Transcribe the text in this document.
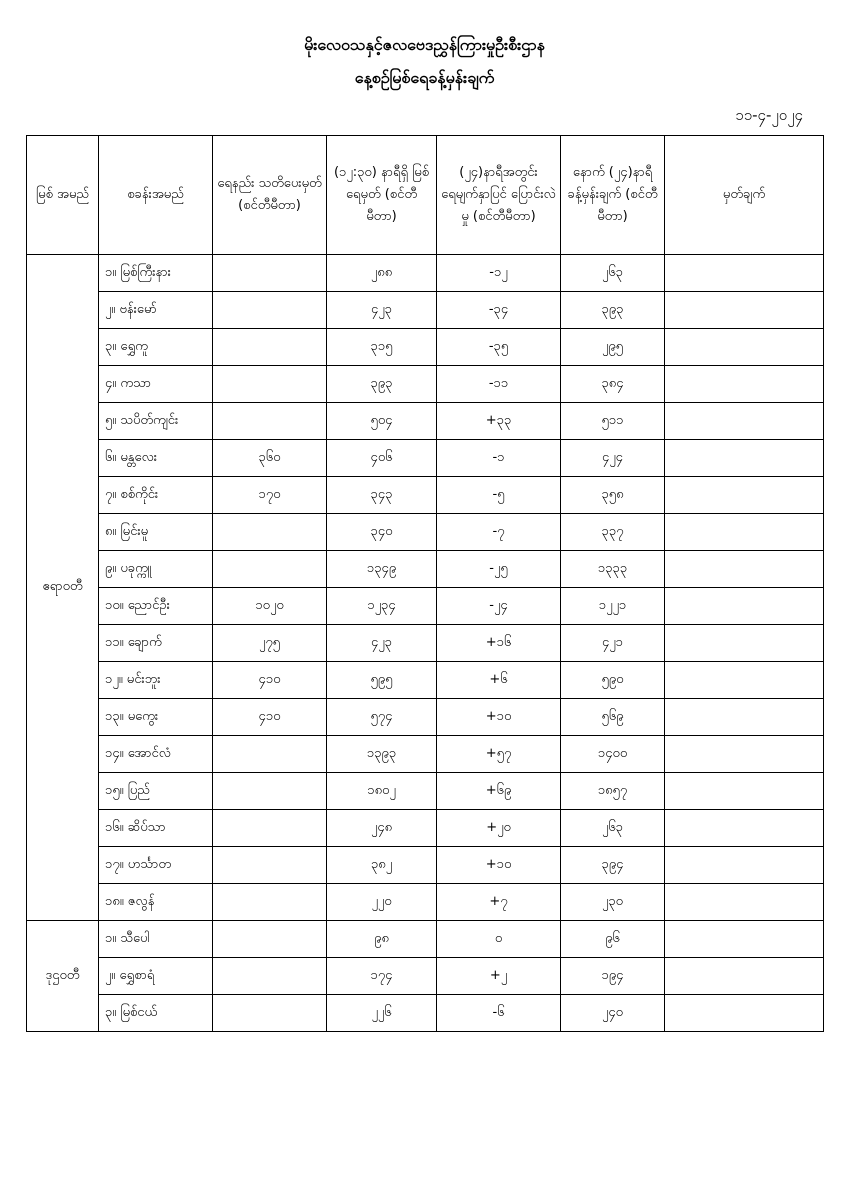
မိုးလေဝသနှင့်ဇလဗေဒညွှန်ကြားမှုဦးစီးဌာန
နေ့စဉ်မြစ်ရေခန့်မှန်းချက်
၁၁-၄-၂၀၂၄
မြစ် အမည်	စခန်းအမည်	ရေနည်း သတိပေးမှတ် (စင်တီမီတာ)	(၁၂:၃၀) နာရီရှိ မြစ်ရေမှတ် (စင်တီမီတာ)	(၂၄)နာရီအတွင်း ရေမျက်နှာပြင် ပြောင်းလဲမှု (စင်တီမီတာ)	နောက် (၂၄)နာရီ ခန့်မှန်းချက် (စင်တီမီတာ)	မှတ်ချက်
ဧရာဝတီ	၁။ မြစ်ကြီးနား		၂၈၈	-၁၂	၂၆၃	
	၂။ ဗန်းမော်		၄၂၃	-၃၄	၃၉၃	
	၃။ ရွှေကူ		၃၁၅	-၃၅	၂၉၅	
	၄။ ကသာ		၃၉၃	-၁၁	၃၈၄	
	၅။ သပိတ်ကျင်း		၅၀၄	+၃၃	၅၁၁	
	၆။ မန္တလေး	၃၆၀	၄၀၆	-၁	၄၂၄	
	၇။ စစ်ကိုင်း	၁၇၀	၃၄၃	-၅	၃၅၈	
	၈။ မြင်းမူ		၃၄၀	-၇	၃၃၇	
	၉။ ပခုက္ကူ		၁၃၄၉	-၂၅	၁၃၃၃	
	၁၀။ ညောင်ဦး	၁၀၂၀	၁၂၃၄	-၂၄	၁၂၂၁	
	၁၁။ ချောက်	၂၇၅	၄၂၃	+၁၆	၄၂၁	
	၁၂။ မင်းဘူး	၄၁၀	၅၉၅	+၆	၅၉၀	
	၁၃။ မကွေး	၄၁၀	၅၇၄	+၁၀	၅၆၉	
	၁၄။ အောင်လံ		၁၃၉၃	+၅၇	၁၄၀၀	
	၁၅။ ပြည်		၁၈၀၂	+၆၉	၁၈၅၇	
	၁၆။ ဆိပ်သာ		၂၄၈	+၂၀	၂၆၃	
	၁၇။ ဟင်္သာတ		၃၈၂	+၁၀	၃၉၄	
	၁၈။ ဇလွန်		၂၂၀	+၇	၂၃၀	
ဒုဌဝတီ	၁။ သီပေါ		၉၈	၀	၉၆	
	၂။ ရွှေစာရံ		၁၇၄	+၂	၁၉၄	
	၃။ မြစ်ငယ်		၂၂၆	-၆	၂၄၀	
